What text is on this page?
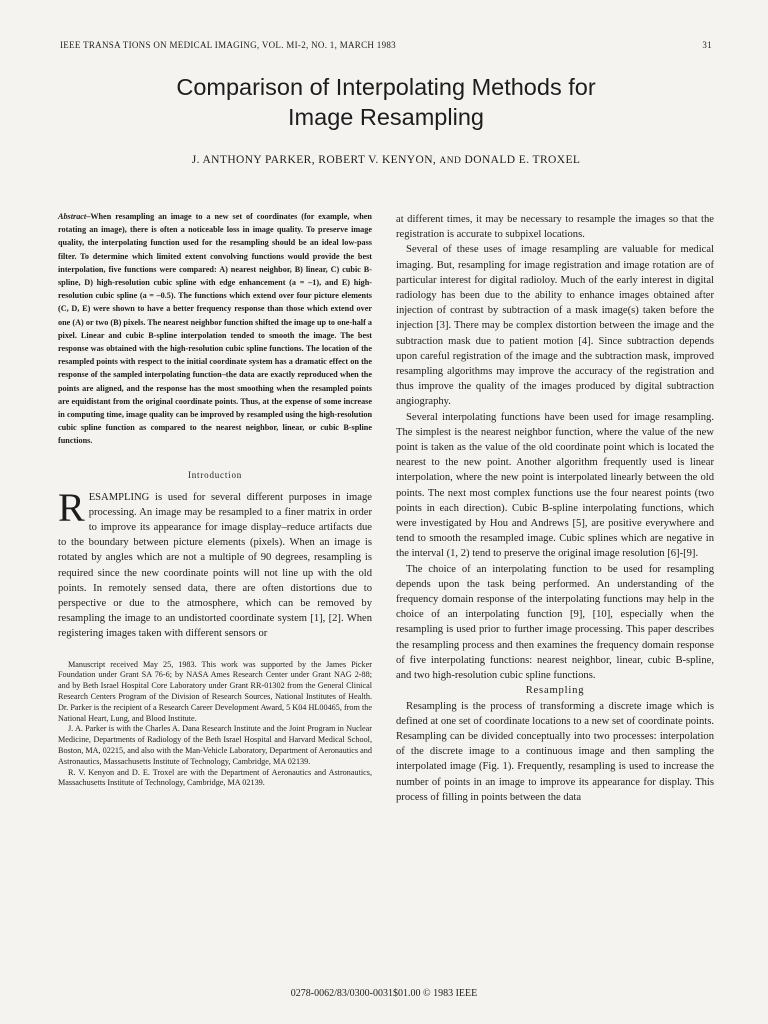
IEEE TRANSA TIONS ON MEDICAL IMAGING, VOL. MI-2, NO. 1, MARCH 1983	31
Comparison of Interpolating Methods for
Image Resampling
J. ANTHONY PARKER, ROBERT V. KENYON, AND DONALD E. TROXEL

Abstract–When resampling an image to a new set of coordinates (for example, when rotating an image), there is often a noticeable loss in image quality. To preserve image quality, the interpolating function used for the resampling should be an ideal low-pass filter. To determine which limited extent convolving functions would provide the best interpolation, five functions were compared: A) nearest neighbor, B) linear, C) cubic B-spline, D) high-resolution cubic spline with edge enhancement (a = –1), and E) high-resolution cubic spline (a = –0.5). The functions which extend over four picture elements (C, D, E) were shown to have a better frequency response than those which extend over one (A) or two (B) pixels. The nearest neighbor function shifted the image up to one-half a pixel. Linear and cubic B-spline interpolation tended to smooth the image. The best response was obtained with the high-resolution cubic spline functions. The location of the resampled points with respect to the initial coordinate system has a dramatic effect on the response of the sampled interpolating function–the data are exactly reproduced when the points are aligned, and the response has the most smoothing when the resampled points are equidistant from the original coordinate points. Thus, at the expense of some increase in computing time, image quality can be improved by resampled using the high-resolution cubic spline function as compared to the nearest neighbor, linear, or cubic B-spline functions.

Introduction

RESAMPLING is used for several different purposes in image processing. An image may be resampled to a finer matrix in order to improve its appearance for image display–reduce artifacts due to the boundary between picture elements (pixels). When an image is rotated by angles which are not a multiple of 90 degrees, resampling is required since the new coordinate points will not line up with the old points. In remotely sensed data, there are often distortions due to perspective or due to the atmosphere, which can be removed by resampling the image to an undistorted coordinate system [1], [2]. When registering images taken with different sensors or

Manuscript received May 25, 1983. This work was supported by the James Picker Foundation under Grant SA 76-6; by NASA Ames Research Center under Grant NAG 2-88; and by Beth Israel Hospital Core Laboratory under Grant RR-01302 from the General Clinical Research Centers Program of the Division of Research Sources, National Institutes of Health. Dr. Parker is the recipient of a Research Career Development Award, 5 K04 HL00465, from the National Heart, Lung, and Blood Institute.

J. A. Parker is with the Charles A. Dana Research Institute and the Joint Program in Nuclear Medicine, Departments of Radiology of the Beth Israel Hospital and Harvard Medical School, Boston, MA, 02215, and also with the Man-Vehicle Laboratory, Department of Aeronautics and Astronautics, Massachusetts Institute of Technology, Cambridge, MA 02139.

R. V. Kenyon and D. E. Troxel are with the Department of Aeronautics and Astronautics, Massachusetts Institute of Technology, Cambridge, MA 02139.

at different times, it may be necessary to resample the images so that the registration is accurate to subpixel locations.

Several of these uses of image resampling are valuable for medical imaging. But, resampling for image registration and image rotation are of particular interest for digital radioloy. Much of the early interest in digital radiology has been due to the ability to enhance images obtained after injection of contrast by subtraction of a mask image(s) taken before the injection [3]. There may be complex distortion between the image and the subtraction mask due to patient motion [4]. Since subtraction depends upon careful registration of the image and the subtraction mask, improved resampling algorithms may improve the accuracy of the registration and thus improve the quality of the images produced by digital subtraction angiography.

Several interpolating functions have been used for image resampling. The simplest is the nearest neighbor function, where the value of the new point is taken as the value of the old coordinate point which is located the nearest to the new point. Another algorithm frequently used is linear interpolation, where the new point is interpolated linearly between the old points. The next most complex functions use the four nearest points (two points in each direction). Cubic B-spline interpolating functions, which were investigated by Hou and Andrews [5], are positive everywhere and tend to smooth the resampled image. Cubic splines which are negative in the interval (1, 2) tend to preserve the original image resolution [6]-[9].

The choice of an interpolating function to be used for resampling depends upon the task being performed. An understanding of the frequency domain response of the interpolating functions may help in the choice of an interpolating function [9], [10], especially when the resampling is used prior to further image processing. This paper describes the resampling process and then examines the frequency domain response of five interpolating functions: nearest neighbor, linear, cubic B-spline, and two high-resolution cubic spline functions.

Resampling

Resampling is the process of transforming a discrete image which is defined at one set of coordinate locations to a new set of coordinate points. Resampling can be divided conceptually into two processes: interpolation of the discrete image to a continuous image and then sampling the interpolated image (Fig. 1). Frequently, resampling is used to increase the number of points in an image to improve its appearance for display. This process of filling in points between the data

0278-0062/83/0300-0031$01.00 © 1983 IEEE
